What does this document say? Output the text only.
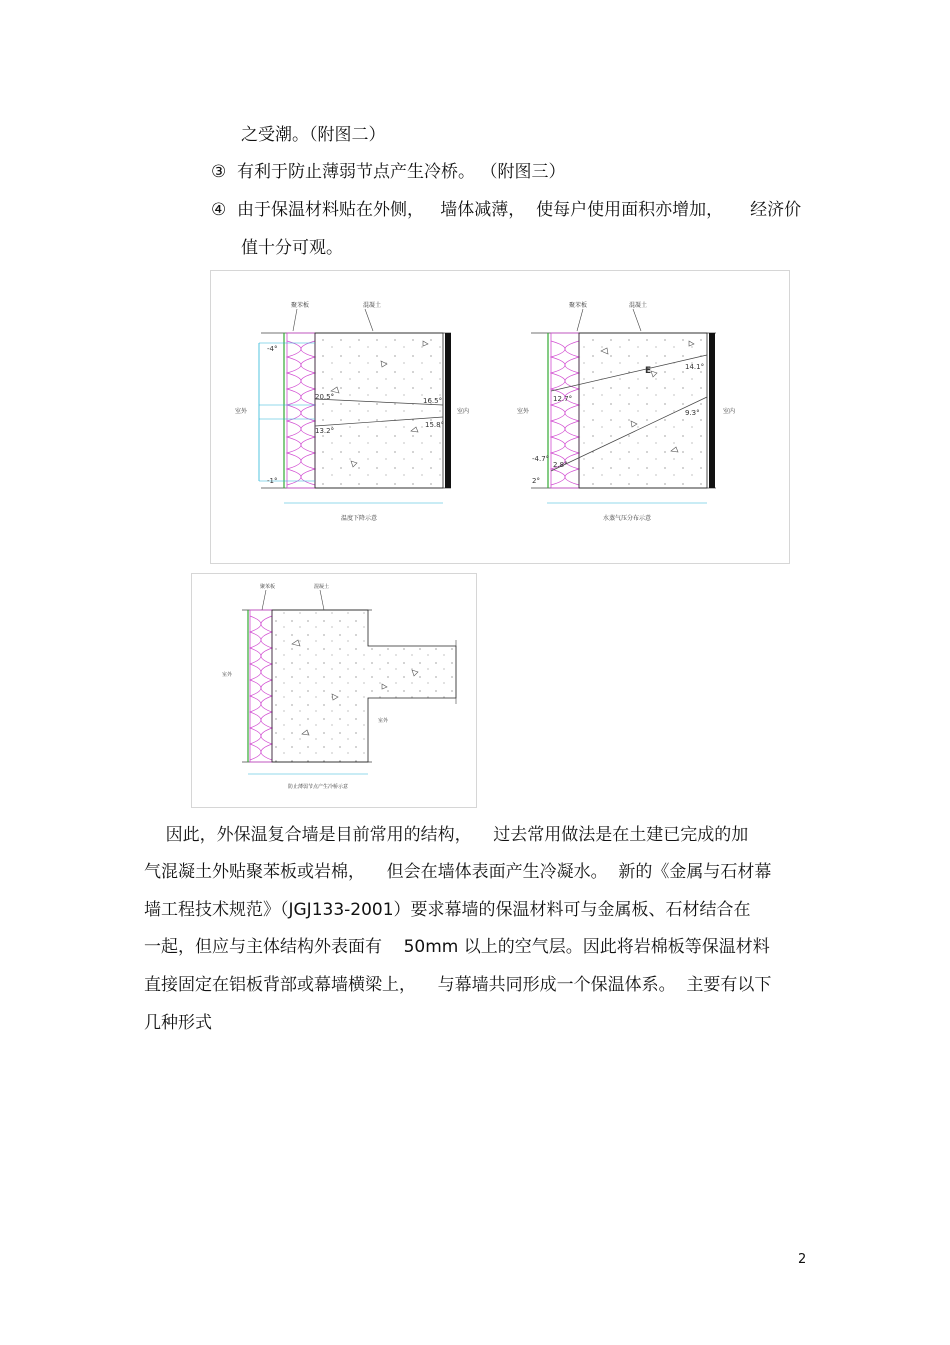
之受潮。（附图二）
③  有利于防止薄弱节点产生冷桥。 （附图三）
④  由于保温材料贴在外侧，   墙体减薄，  使每户使用面积亦增加，     经济价
值十分可观。
聚苯板	混凝土
室外	室内
-4°
20.5°
13.2°
16.5°
15.8°
-1°
温度下降示意
聚苯板	混凝土
室外	室内
E	14.1°
12.7°
9.3°
-4.7°
2.8°
2°
水蒸气压分布示意
聚苯板	混凝土
室外
室外
防止薄弱节点产生冷桥示意
因此，外保温复合墙是目前常用的结构，    过去常用做法是在土建已完成的加
气混凝土外贴聚苯板或岩棉，    但会在墙体表面产生冷凝水。  新的《金属与石材幕
墙工程技术规范》（JGJ133-2001）要求幕墙的保温材料可与金属板、石材结合在
一起，但应与主体结构外表面有    50mm 以上的空气层。因此将岩棉板等保温材料
直接固定在铝板背部或幕墙横梁上，    与幕墙共同形成一个保温体系。  主要有以下
几种形式
2
